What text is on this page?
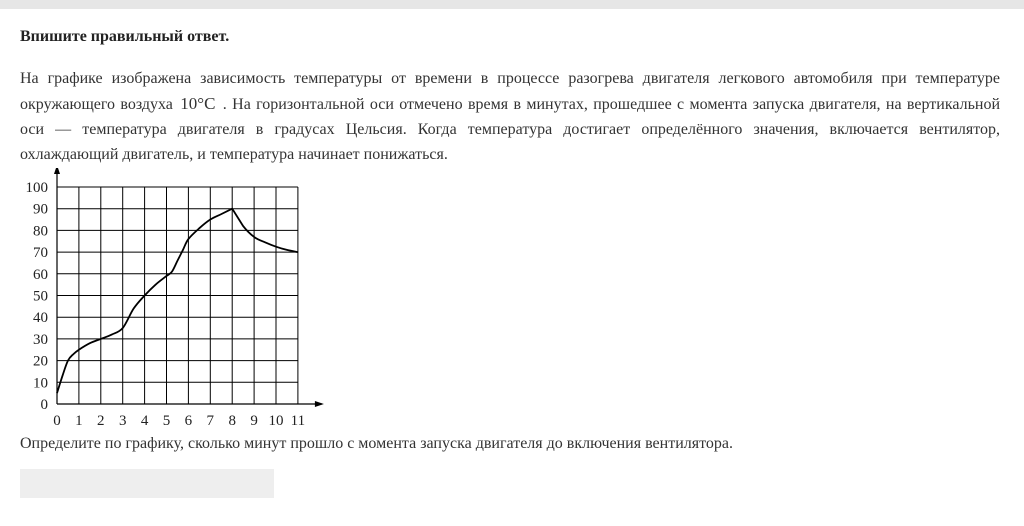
Впишите правильный ответ.
На графике изображена зависимость температуры от времени в процессе разогрева двигателя легкового автомобиля при температуре окружающего воздуха 10°C . На горизонтальной оси отмечено время в минутах, прошедшее с момента запуска двигателя, на вертикальной оси — температура двигателя в градусах Цельсия. Когда температура достигает определённого значения, включается вентилятор, охлаждающий двигатель, и температура начинает понижаться.
0 1 2 3 4 5 6 7 8 9 10 11
0
10
20
30
40
50
60
70
80
90
100
Определите по графику, сколько минут прошло с момента запуска двигателя до включения вентилятора.
